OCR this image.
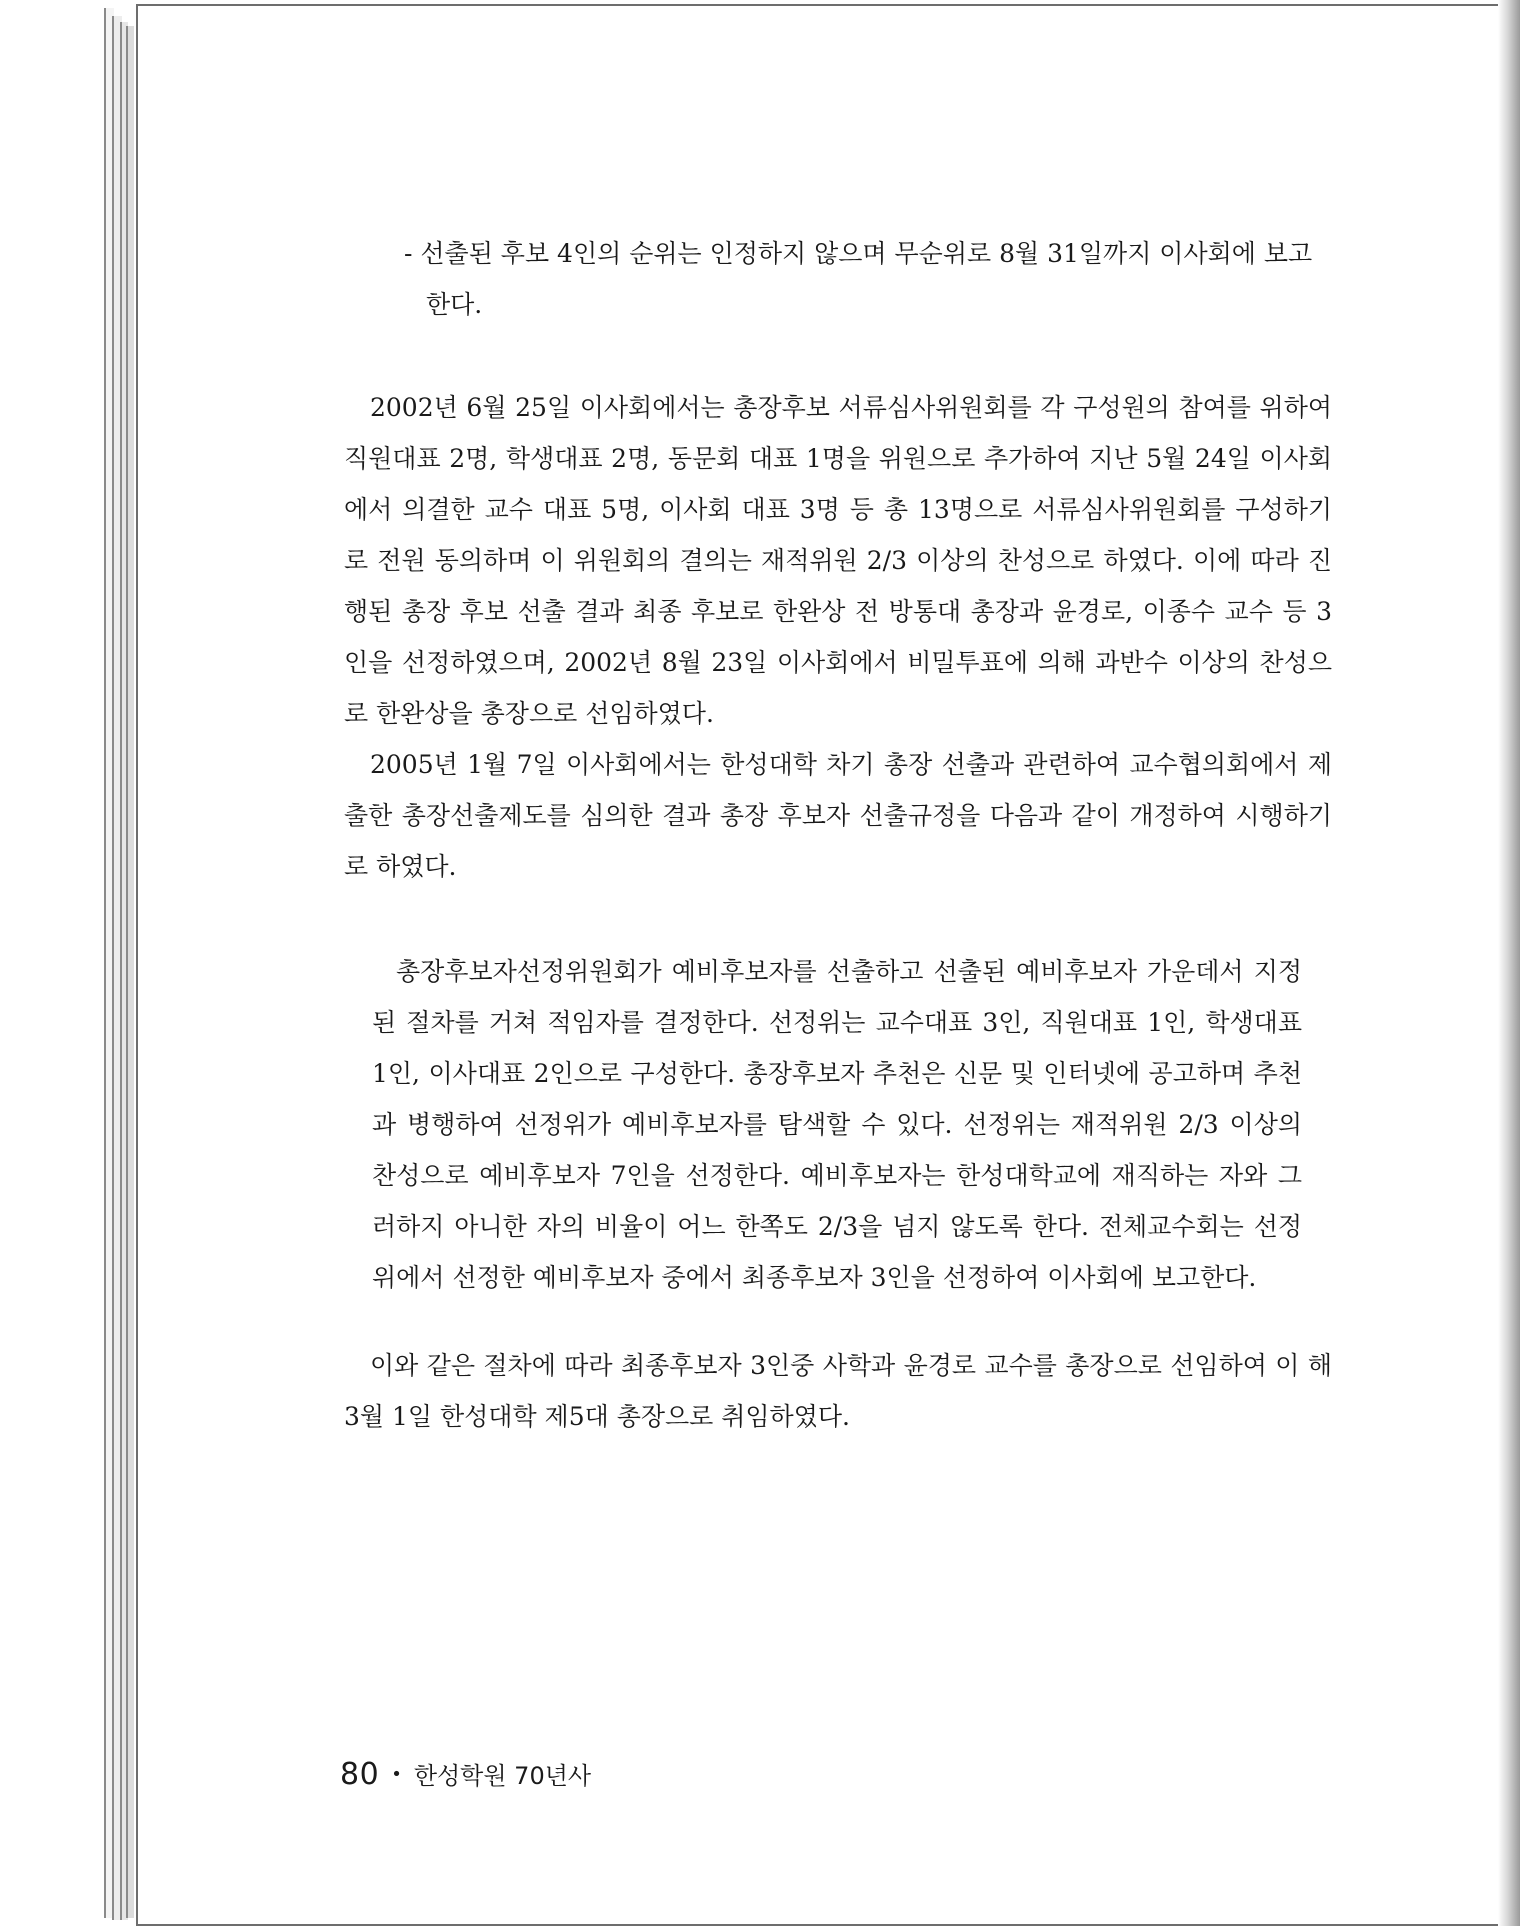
- 선출된 후보 4인의 순위는 인정하지 않으며 무순위로 8월 31일까지 이사회에 보고 한다.

2002년 6월 25일 이사회에서는 총장후보 서류심사위원회를 각 구성원의 참여를 위하여 직원대표 2명, 학생대표 2명, 동문회 대표 1명을 위원으로 추가하여 지난 5월 24일 이사회에서 의결한 교수 대표 5명, 이사회 대표 3명 등 총 13명으로 서류심사위원회를 구성하기로 전원 동의하며 이 위원회의 결의는 재적위원 2/3 이상의 찬성으로 하였다. 이에 따라 진행된 총장 후보 선출 결과 최종 후보로 한완상 전 방통대 총장과 윤경로, 이종수 교수 등 3인을 선정하였으며, 2002년 8월 23일 이사회에서 비밀투표에 의해 과반수 이상의 찬성으로 한완상을 총장으로 선임하였다.

2005년 1월 7일 이사회에서는 한성대학 차기 총장 선출과 관련하여 교수협의회에서 제출한 총장선출제도를 심의한 결과 총장 후보자 선출규정을 다음과 같이 개정하여 시행하기로 하였다.

총장후보자선정위원회가 예비후보자를 선출하고 선출된 예비후보자 가운데서 지정된 절차를 거쳐 적임자를 결정한다. 선정위는 교수대표 3인, 직원대표 1인, 학생대표 1인, 이사대표 2인으로 구성한다. 총장후보자 추천은 신문 및 인터넷에 공고하며 추천과 병행하여 선정위가 예비후보자를 탐색할 수 있다. 선정위는 재적위원 2/3 이상의 찬성으로 예비후보자 7인을 선정한다. 예비후보자는 한성대학교에 재직하는 자와 그러하지 아니한 자의 비율이 어느 한쪽도 2/3을 넘지 않도록 한다. 전체교수회는 선정위에서 선정한 예비후보자 중에서 최종후보자 3인을 선정하여 이사회에 보고한다.

이와 같은 절차에 따라 최종후보자 3인중 사학과 윤경로 교수를 총장으로 선임하여 이 해 3월 1일 한성대학 제5대 총장으로 취임하였다.

80 • 한성학원 70년사
